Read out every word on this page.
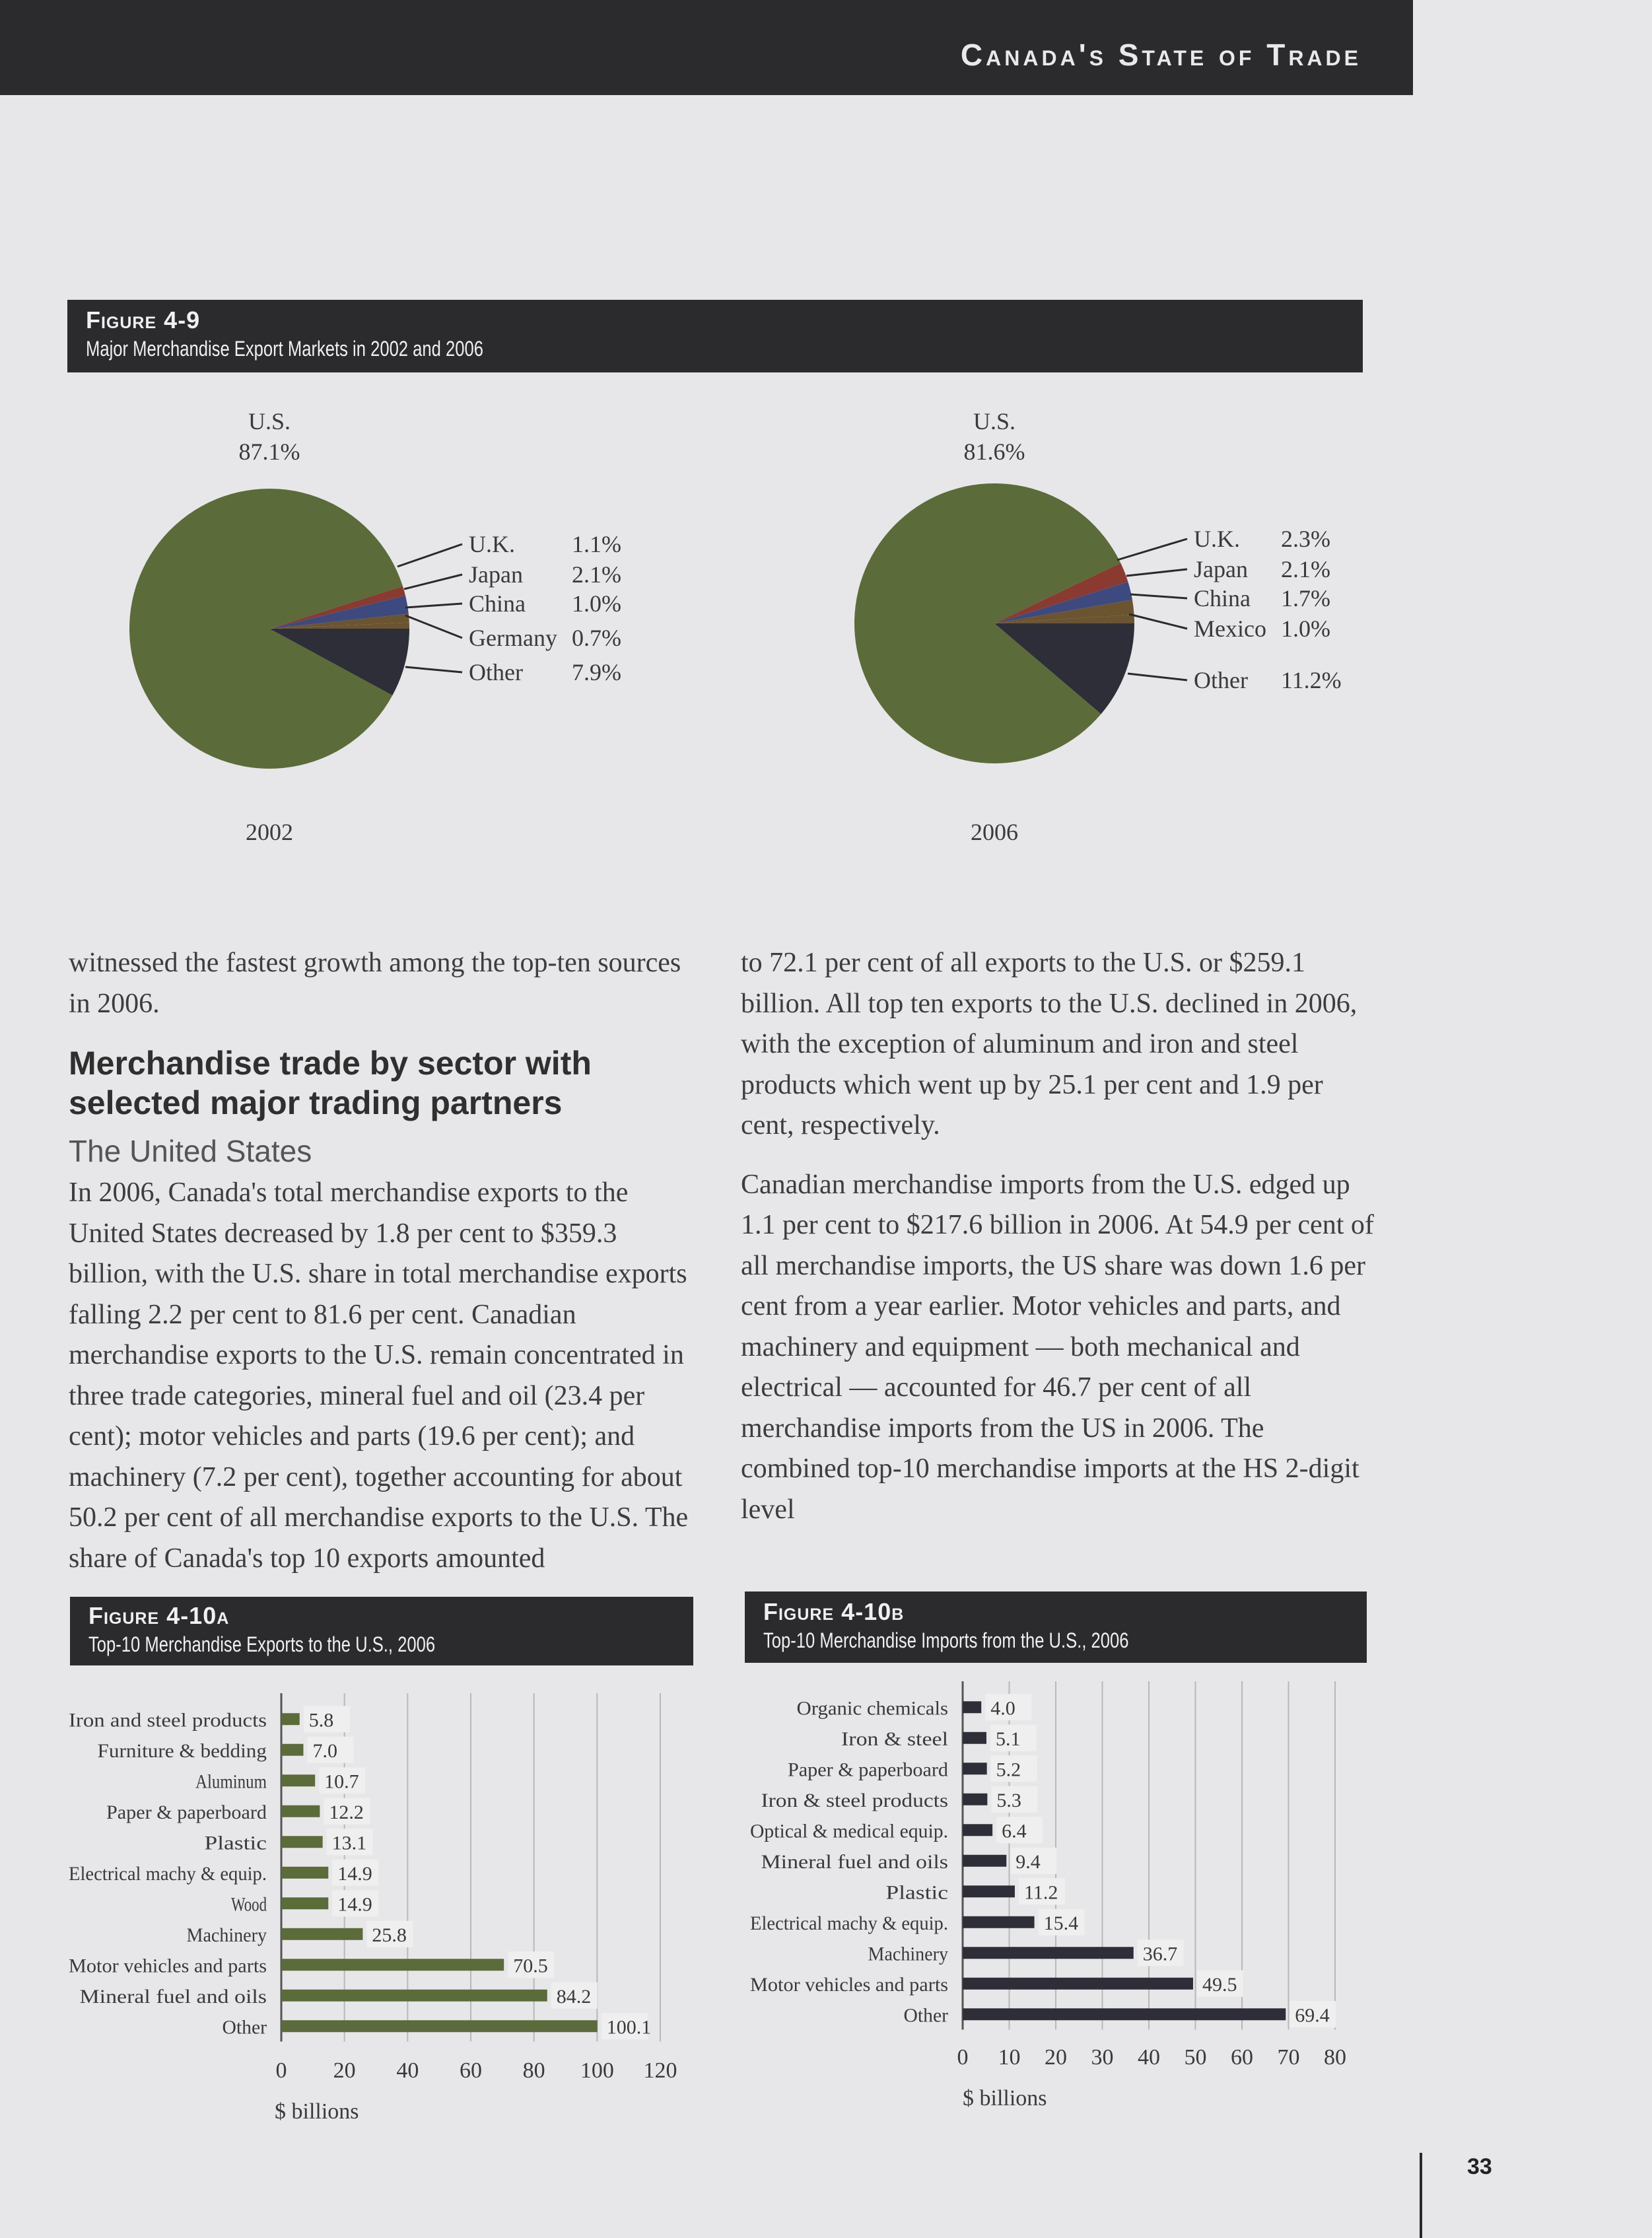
Canada's State of Trade
Figure 4-9
Major Merchandise Export Markets in 2002 and 2006
U.S.
87.1%
U.K. 1.1%
Japan 2.1%
China 1.0%
Germany 0.7%
Other 7.9%
2002
U.S.
81.6%
U.K. 2.3%
Japan 2.1%
China 1.7%
Mexico 1.0%
Other 11.2%
2006

witnessed the fastest growth among the top-ten sources in 2006.

Merchandise trade by sector with selected major trading partners
The United States

In 2006, Canada's total merchandise exports to the United States decreased by 1.8 per cent to $359.3 billion, with the U.S. share in total merchandise exports falling 2.2 per cent to 81.6 per cent. Canadian merchandise exports to the U.S. remain concentrated in three trade categories, mineral fuel and oil (23.4 per cent); motor vehicles and parts (19.6 per cent); and machinery (7.2 per cent), together accounting for about 50.2 per cent of all merchandise exports to the U.S. The share of Canada's top 10 exports amounted

to 72.1 per cent of all exports to the U.S. or $259.1 billion. All top ten exports to the U.S. declined in 2006, with the exception of aluminum and iron and steel products which went up by 25.1 per cent and 1.9 per cent, respectively.

Canadian merchandise imports from the U.S. edged up 1.1 per cent to $217.6 billion in 2006. At 54.9 per cent of all merchandise imports, the US share was down 1.6 per cent from a year earlier. Motor vehicles and parts, and machinery and equipment — both mechanical and electrical — accounted for 46.7 per cent of all merchandise imports from the US in 2006. The combined top-10 merchandise imports at the HS 2-digit level

Figure 4-10a
Top-10 Merchandise Exports to the U.S., 2006
Figure 4-10b
Top-10 Merchandise Imports from the U.S., 2006
0 20 40 60 80 100 120
Iron and steel products 5.8
Furniture & bedding 7.0
Aluminum	10.7
Paper & paperboard	12.2
Plastic	13.1
Electrical machy & equip.	14.9
Wood	14.9
Machinery	25.8
Motor vehicles and parts	70.5
Mineral fuel and oils	84.2
Other	100.1
$ billions
0 10 20 30 40 50 60 70 80
Organic chemicals 4.0
Iron & steel 5.1
Paper & paperboard 5.2
Iron & steel products 5.3
Optical & medical equip.	6.4
Mineral fuel and oils	9.4
Plastic	11.2
Electrical machy & equip.	15.4
Machinery	36.7
Motor vehicles and parts	49.5
Other	69.4
$ billions
33
